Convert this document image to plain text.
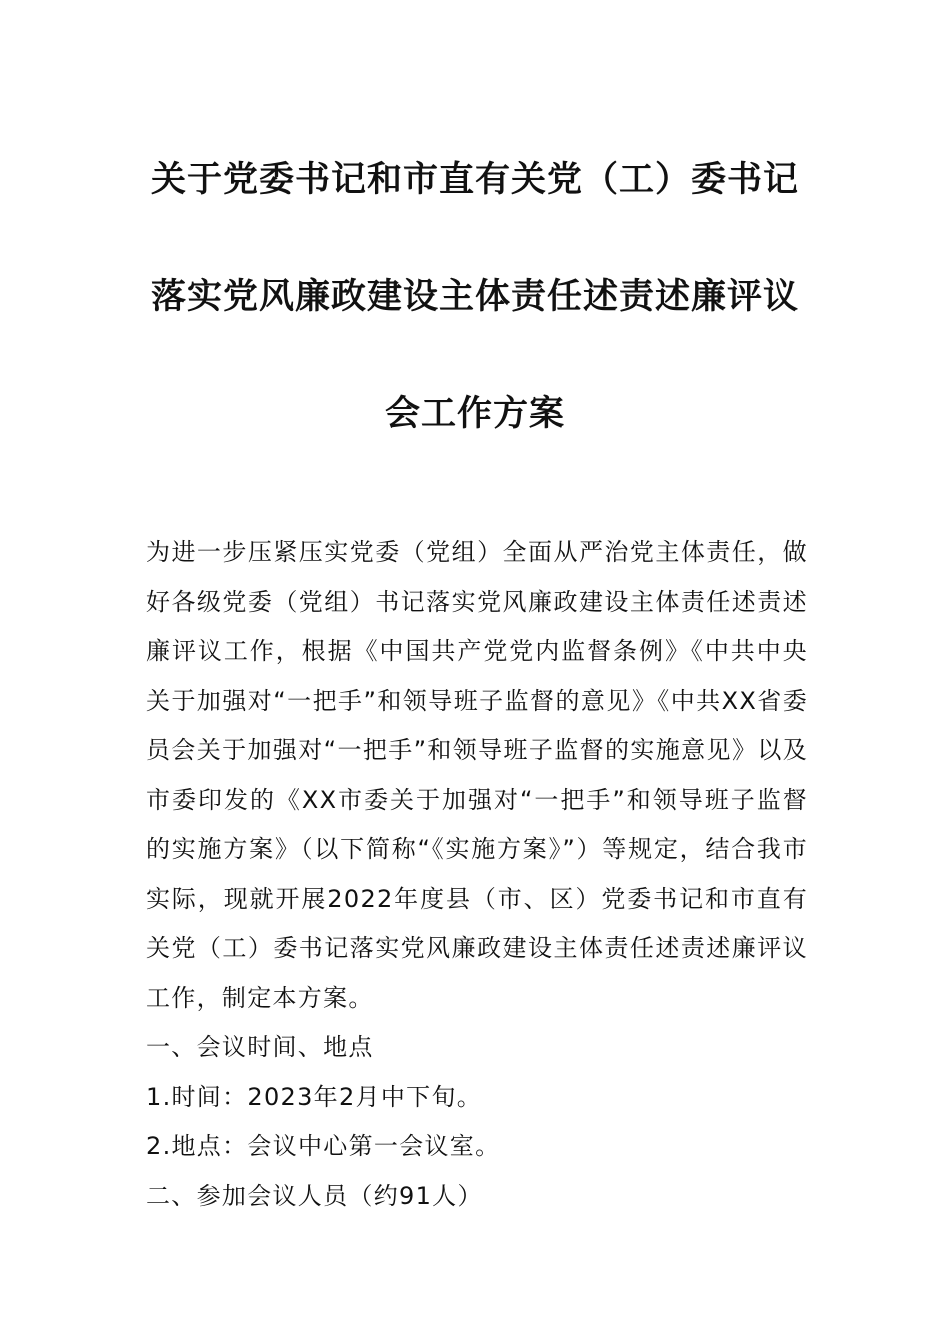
关于党委书记和市直有关党（工）委书记
落实党风廉政建设主体责任述责述廉评议
会工作方案

为进一步压紧压实党委（党组）全面从严治党主体责任，做好各级党委（党组）书记落实党风廉政建设主体责任述责述廉评议工作，根据《中国共产党党内监督条例》《中共中央关于加强对“一把手”和领导班子监督的意见》《中共XX省委员会关于加强对“一把手”和领导班子监督的实施意见》以及市委印发的《XX市委关于加强对“一把手”和领导班子监督的实施方案》（以下简称“《实施方案》”）等规定，结合我市实际，现就开展2022年度县（市、区）党委书记和市直有关党（工）委书记落实党风廉政建设主体责任述责述廉评议工作，制定本方案。

一、会议时间、地点

1.时间：2023年2月中下旬。

2.地点：会议中心第一会议室。

二、参加会议人员（约91人）
